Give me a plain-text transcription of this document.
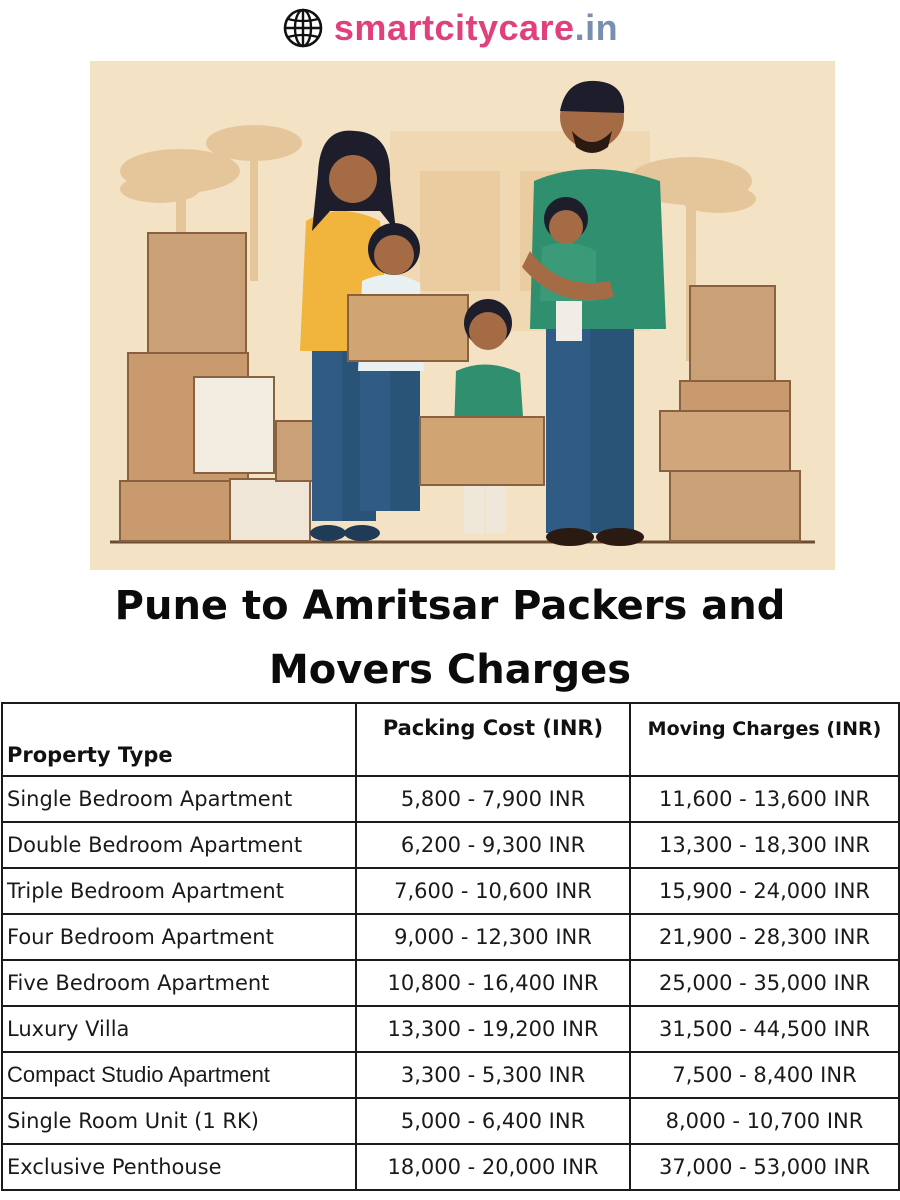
smartcitycare.in
Pune to Amritsar Packers and
Movers Charges
Property Type	Packing Cost (INR)	Moving Charges (INR)
Single Bedroom Apartment	5,800 - 7,900 INR	11,600 - 13,600 INR
Double Bedroom Apartment	6,200 - 9,300 INR	13,300 - 18,300 INR
Triple Bedroom Apartment	7,600 - 10,600 INR	15,900 - 24,000 INR
Four Bedroom Apartment	9,000 - 12,300 INR	21,900 - 28,300 INR
Five Bedroom Apartment	10,800 - 16,400 INR	25,000 - 35,000 INR
Luxury Villa	13,300 - 19,200 INR	31,500 - 44,500 INR
Compact Studio Apartment	3,300 - 5,300 INR	7,500 - 8,400 INR
Single Room Unit (1 RK)	5,000 - 6,400 INR	8,000 - 10,700 INR
Exclusive Penthouse	18,000 - 20,000 INR	37,000 - 53,000 INR
